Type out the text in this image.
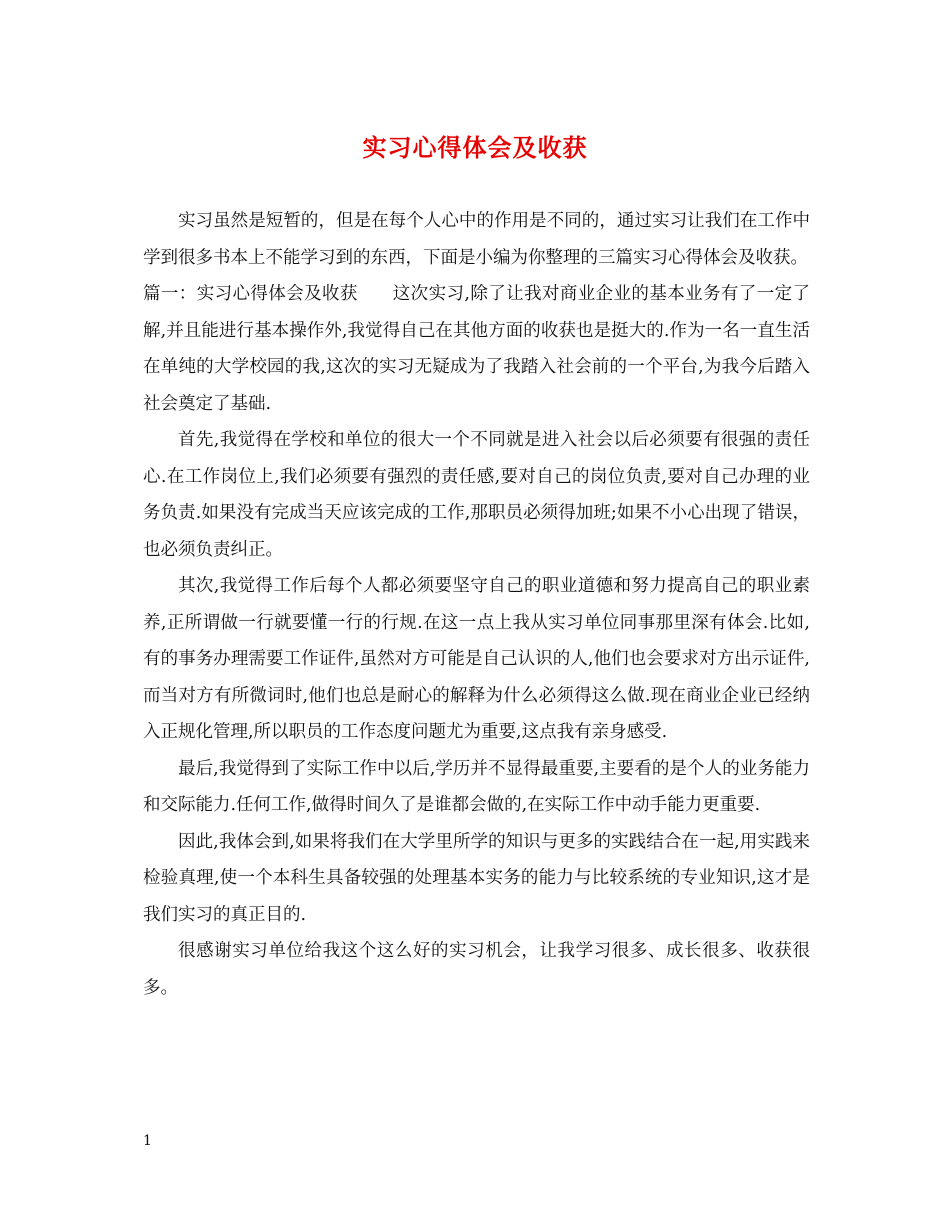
实习心得体会及收获

实习虽然是短暂的，但是在每个人心中的作用是不同的，通过实习让我们在工作中学到很多书本上不能学习到的东西，下面是小编为你整理的三篇实习心得体会及收获。

篇一：实习心得体会及收获 这次实习,除了让我对商业企业的基本业务有了一定了解,并且能进行基本操作外,我觉得自己在其他方面的收获也是挺大的.作为一名一直生活在单纯的大学校园的我,这次的实习无疑成为了我踏入社会前的一个平台,为我今后踏入社会奠定了基础.

首先,我觉得在学校和单位的很大一个不同就是进入社会以后必须要有很强的责任心.在工作岗位上,我们必须要有强烈的责任感,要对自己的岗位负责,要对自己办理的业务负责.如果没有完成当天应该完成的工作,那职员必须得加班;如果不小心出现了错误，也必须负责纠正。

其次,我觉得工作后每个人都必须要坚守自己的职业道德和努力提高自己的职业素养,正所谓做一行就要懂一行的行规.在这一点上我从实习单位同事那里深有体会.比如,有的事务办理需要工作证件,虽然对方可能是自己认识的人,他们也会要求对方出示证件,而当对方有所微词时,他们也总是耐心的解释为什么必须得这么做.现在商业企业已经纳入正规化管理,所以职员的工作态度问题尤为重要,这点我有亲身感受.

最后,我觉得到了实际工作中以后,学历并不显得最重要,主要看的是个人的业务能力和交际能力.任何工作,做得时间久了是谁都会做的,在实际工作中动手能力更重要.

因此,我体会到,如果将我们在大学里所学的知识与更多的实践结合在一起,用实践来检验真理,使一个本科生具备较强的处理基本实务的能力与比较系统的专业知识,这才是我们实习的真正目的.

很感谢实习单位给我这个这么好的实习机会，让我学习很多、成长很多、收获很多。

1
